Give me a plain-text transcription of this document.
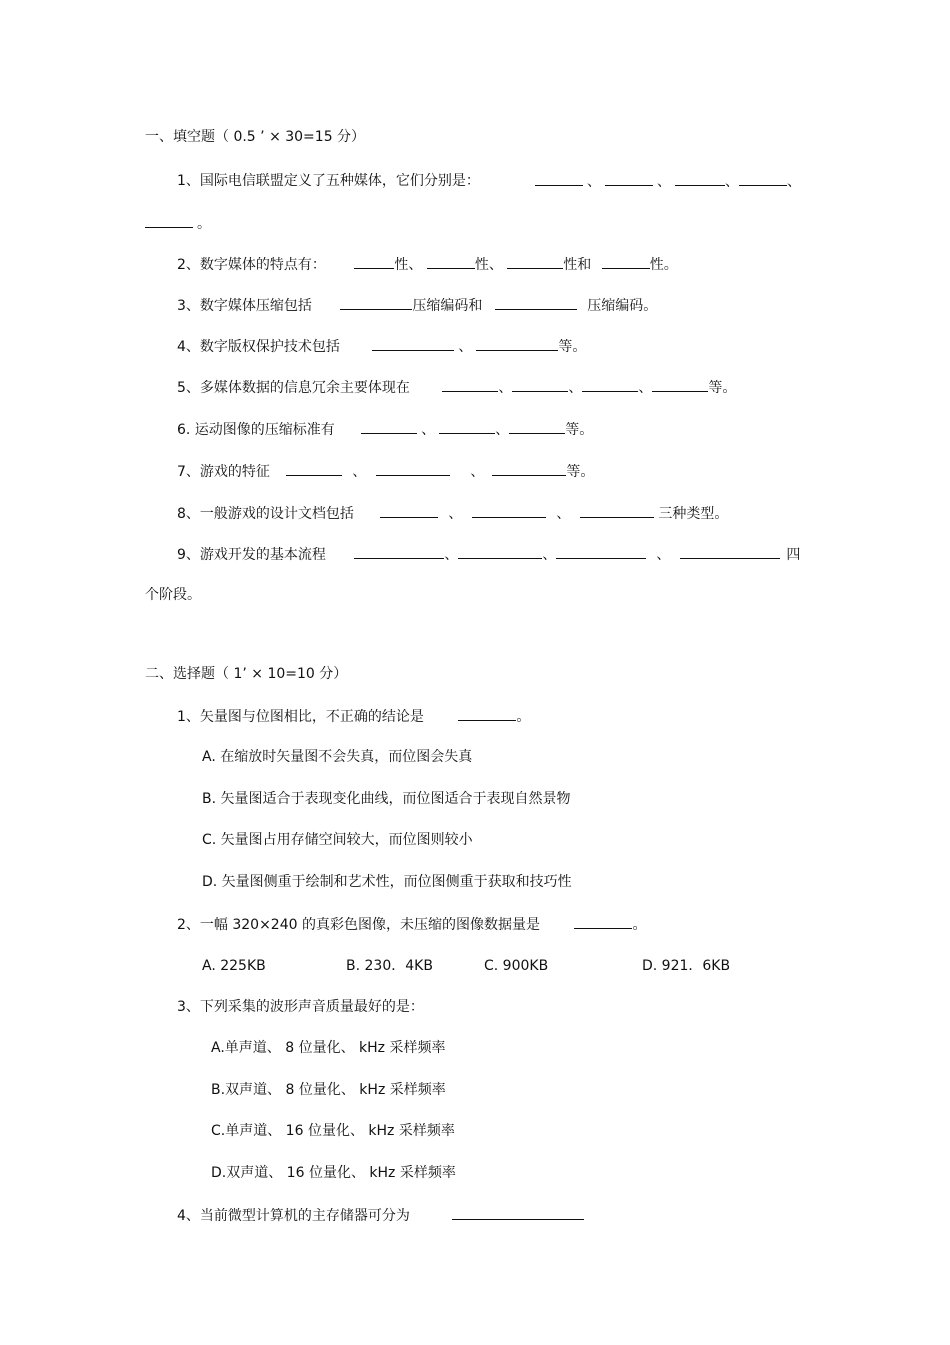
一、填空题（ 0.5 ’ × 30=15 分）
1、国际电信联盟定义了五种媒体，它们分别是：	、	、	、	、
。
2、数字媒体的特点有：	性、	性、	性和	性。
3、数字媒体压缩包括	压缩编码和	压缩编码。
4、数字版权保护技术包括	、	等。
5、多媒体数据的信息冗余主要体现在	、	、	、	等。
6. 运动图像的压缩标准有	、	、	等。
7、游戏的特征	、	、	等。
8、一般游戏的设计文档包括	、	、	三种类型。
9、游戏开发的基本流程	、	、	、	四
个阶段。
二、选择题（ 1’ × 10=10 分）
1、矢量图与位图相比，不正确的结论是	。
A. 在缩放时矢量图不会失真，而位图会失真
B. 矢量图适合于表现变化曲线，而位图适合于表现自然景物
C. 矢量图占用存储空间较大，而位图则较小
D. 矢量图侧重于绘制和艺术性，而位图侧重于获取和技巧性
2、一幅 320×240 的真彩色图像，未压缩的图像数据量是	。
A. 225KB	B. 230．4KB	C. 900KB	D. 921．6KB
3、下列采集的波形声音质量最好的是：
A.单声道、 8 位量化、 kHz 采样频率
B.双声道、 8 位量化、 kHz 采样频率
C.单声道、 16 位量化、 kHz 采样频率
D.双声道、 16 位量化、 kHz 采样频率
4、当前微型计算机的主存储器可分为
